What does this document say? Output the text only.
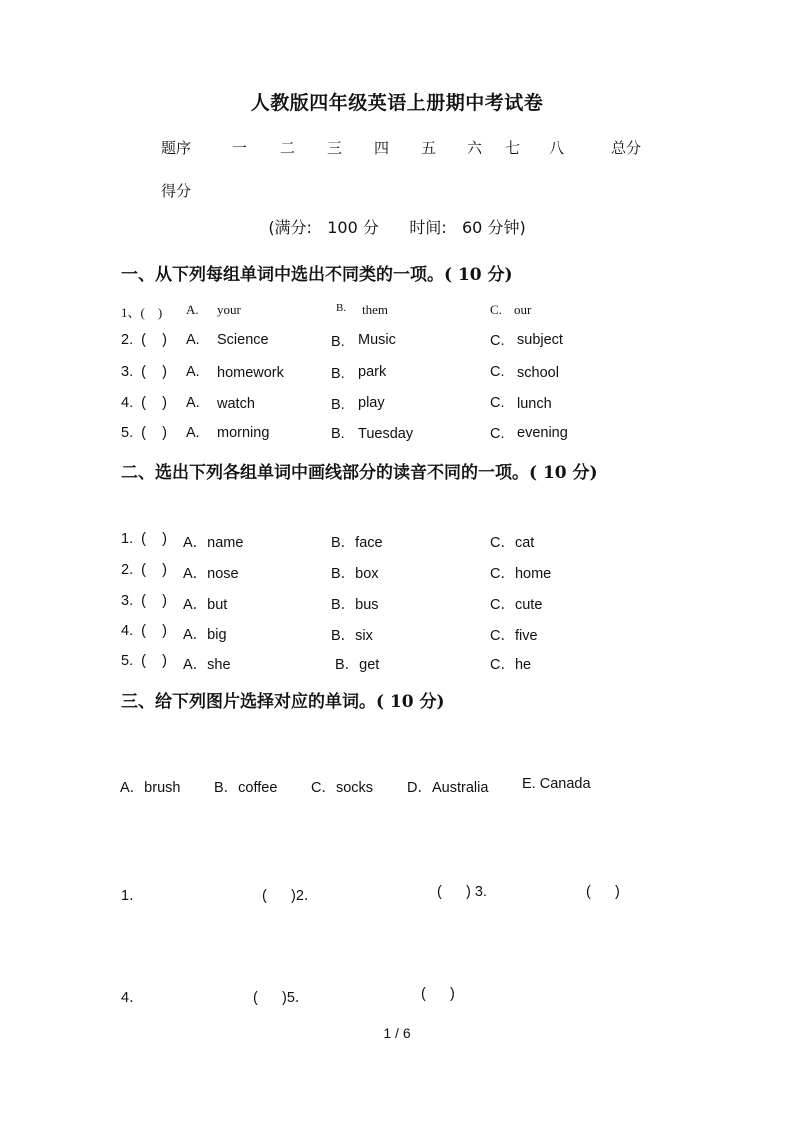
人教版四年级英语上册期中考试卷
题序	一 二 三 四 五 六 七 八	总分
得分
(满分:   100 分      时间:   60 分钟)
一、从下列每组单词中选出不同类的一项。( 10 分)
1、(    ) A. your	B. them	C. our
2.  (    ) A. Science	B. Music	C. subject
3.  (    ) A. homework	B. park	C. school
4.  (    ) A. watch	B. play	C. lunch
5.  (    ) A. morning	B. Tuesday	C. evening
二、选出下列各组单词中画线部分的读音不同的一项。( 10 分)
1.  (    ) A．name	B．face	C．cat
2.  (    ) A．nose	B．box	C．home
3.  (    ) A．but	B．bus	C．cute
4.  (    ) A．big	B．six	C．five
5.  (    ) A．she	B．get	C．he
三、给下列图片选择对应的单词。( 10 分)
A．brush B．coffee C．socks D．Australia E. Canada
1．	(      )2．	(      ) 3.	(      )
4．	(      )5．	(      )
1 / 6
